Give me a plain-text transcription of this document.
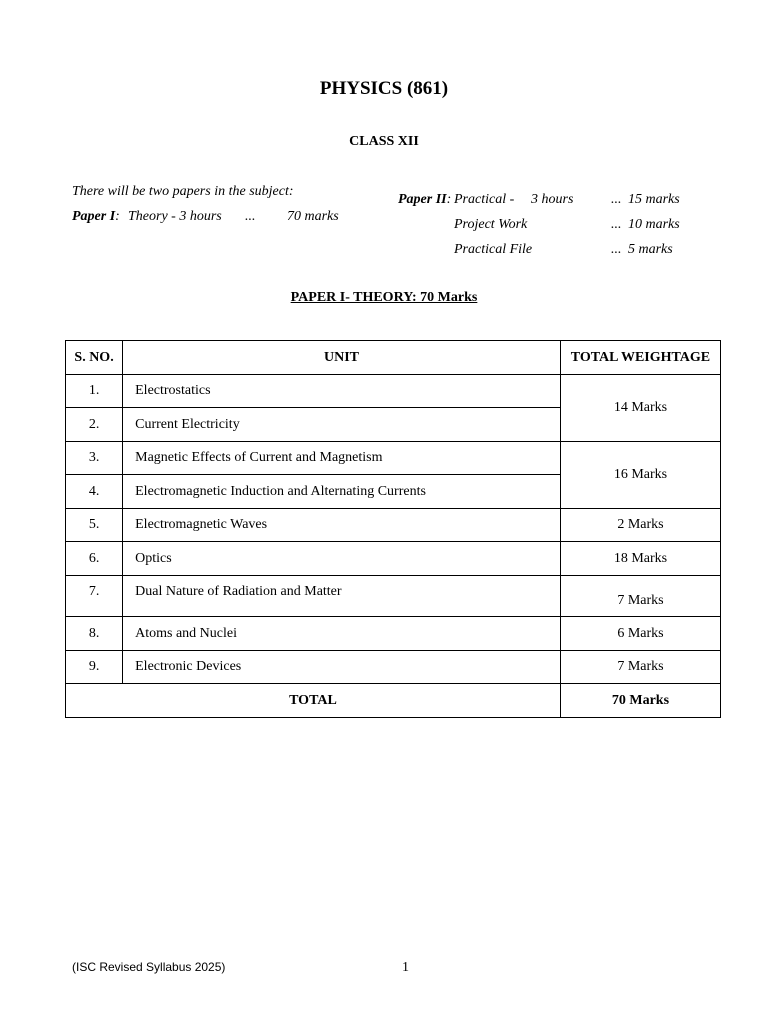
PHYSICS (861)
CLASS XII
There will be two papers in the subject:
Paper I: Theory - 3 hours ... 70 marks
Paper II: Practical - 3 hours	... 15 marks
Project Work	... 10 marks
Practical File	... 5 marks
PAPER I- THEORY: 70 Marks
S. NO.	UNIT	TOTAL WEIGHTAGE
1.	Electrostatics	14 Marks
2.	Current Electricity	
3.	Magnetic Effects of Current and Magnetism	16 Marks
4.	Electromagnetic Induction and Alternating Currents	
5.	Electromagnetic Waves	2 Marks
6.	Optics	18 Marks
7.	Dual Nature of Radiation and Matter	7 Marks
8.	Atoms and Nuclei	6 Marks
9.	Electronic Devices	7 Marks
TOTAL		70 Marks
(ISC Revised Syllabus 2025)	1
